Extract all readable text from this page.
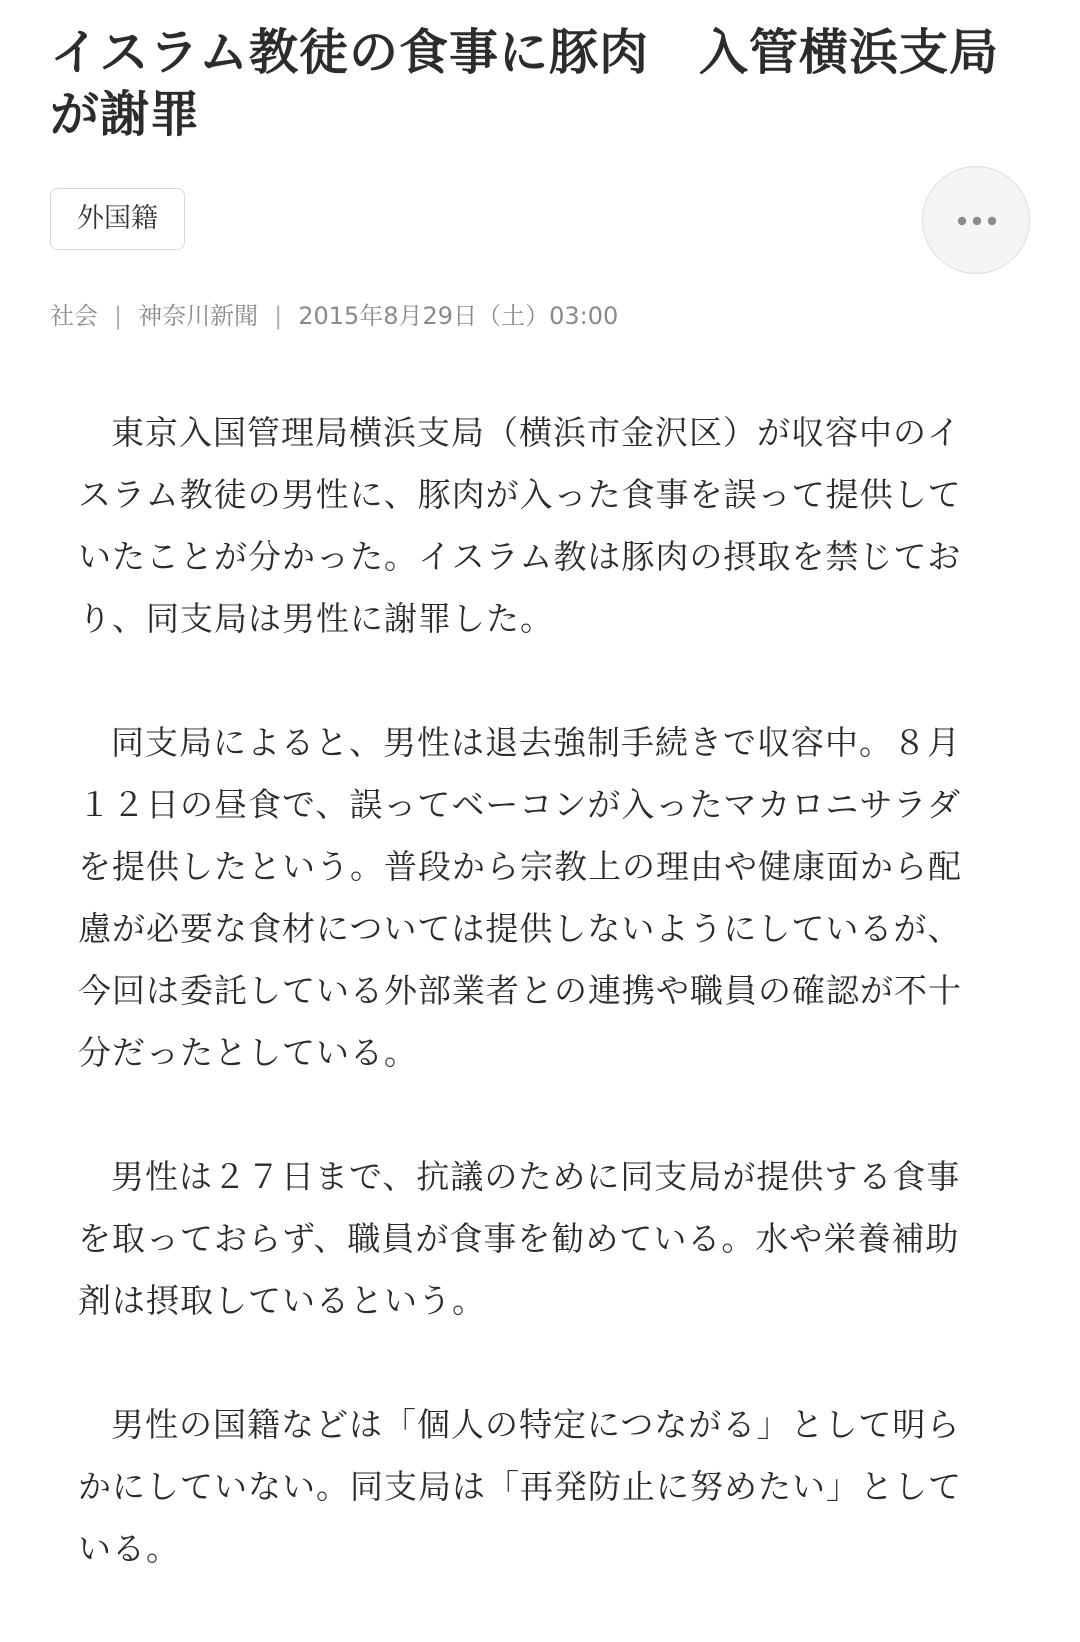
イスラム教徒の食事に豚肉　入管横浜支局が謝罪
外国籍
社会 | 神奈川新聞 | 2015年8月29日（土）03:00

東京入国管理局横浜支局（横浜市金沢区）が収容中のイスラム教徒の男性に、豚肉が入った食事を誤って提供していたことが分かった。イスラム教は豚肉の摂取を禁じており、同支局は男性に謝罪した。

同支局によると、男性は退去強制手続きで収容中。８月１２日の昼食で、誤ってベーコンが入ったマカロニサラダを提供したという。普段から宗教上の理由や健康面から配慮が必要な食材については提供しないようにしているが、今回は委託している外部業者との連携や職員の確認が不十分だったとしている。

男性は２７日まで、抗議のために同支局が提供する食事を取っておらず、職員が食事を勧めている。水や栄養補助剤は摂取しているという。

男性の国籍などは「個人の特定につながる」として明らかにしていない。同支局は「再発防止に努めたい」としている。
